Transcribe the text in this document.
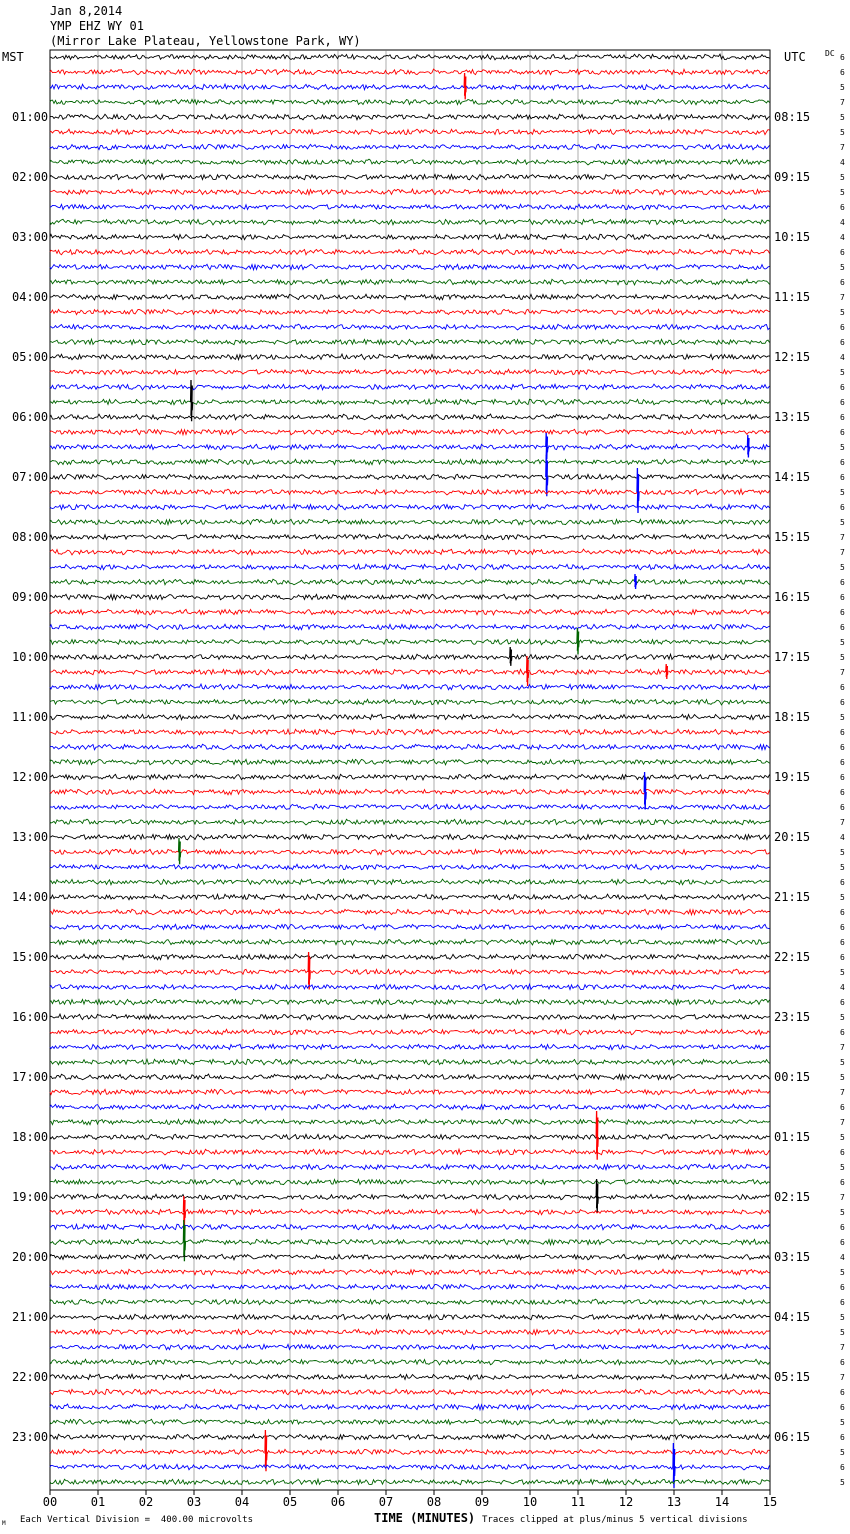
Jan 8,2014
YMP EHZ WY 01
(Mirror Lake Plateau, Yellowstone Park, WY)
MST	UTC DC
00	01	02	03	04	05	06	07	08	09	10	11	12	13	14	15
6
6
5
7
5
5
7
4
5
5
6
4
4
6
5
6
7
5
6
6
4
5
6
6
6
6
5
6
6
5
6
5
7
7
5
6
6
6
6
5
5
7
6
6
5
6
6
6
6
6
6
7
4
5
5
6
5
6
6
6
6
5
4
6
5
6
7
5
5
7
6
7
5
6
5
6
7
5
6
6
4
5
6
6
5
5
7
6
7
6
6
5
6
5
6
5
01:00
02:00
03:00
04:00
05:00
06:00
07:00
08:00
09:00
10:00
11:00
12:00
13:00
14:00
15:00
16:00
17:00
18:00
19:00
20:00
21:00
22:00
23:00
08:15
09:15
10:15
11:15
12:15
13:15
14:15
15:15
16:15
17:15
18:15
19:15
20:15
21:15
22:15
23:15
00:15
01:15
02:15
03:15
04:15
05:15
06:15
TIME (MINUTES)
Each Vertical Division =  400.00 microvolts	Traces clipped at plus/minus 5 vertical divisions
M
